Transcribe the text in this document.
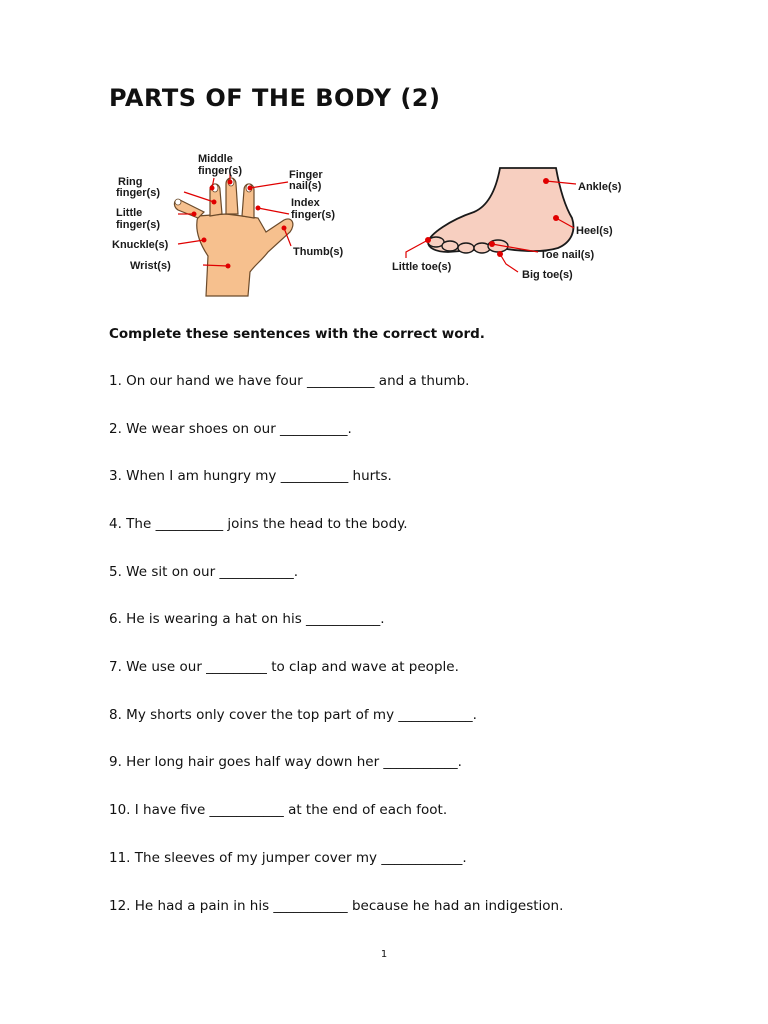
PARTS OF THE BODY (2)
Middle
finger(s)	Finger
nail(s)
Ring
finger(s)
Little
finger(s)
Index
finger(s)
Knuckle(s)
Thumb(s)
Wrist(s)
Ankle(s)
Heel(s)
Toe nail(s)
Little toe(s)
Big toe(s)
Complete these sentences with the correct word.
1. On our hand we have four __________ and a thumb.
2. We wear shoes on our __________.
3. When I am hungry my __________ hurts.
4. The __________ joins the head to the body.
5. We sit on our ___________.
6. He is wearing a hat on his ___________.
7. We use our _________ to clap and wave at people.
8. My shorts only cover the top part of my ___________.
9. Her long hair goes half way down her ___________.
10. I have five ___________ at the end of each foot.
11. The sleeves of my jumper cover my ____________.
12. He had a pain in his ___________ because he had an indigestion.
1
